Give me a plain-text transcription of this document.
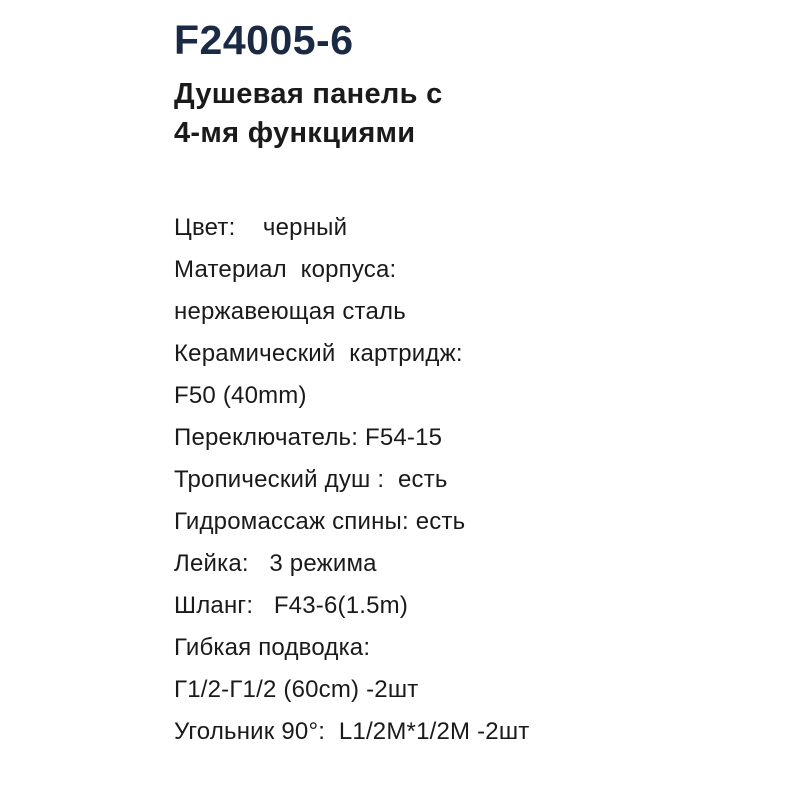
F24005-6
Душевая панель с
4-мя функциями
Цвет:    черный
Материал  корпуса:
нержавеющая сталь
Керамический  картридж:
F50 (40mm)
Переключатель: F54-15
Тропический душ :  есть
Гидромассаж спины: есть
Лейка:   3 режима
Шланг:   F43-6(1.5m)
Гибкая подводка:
Г1/2-Г1/2 (60cm) -2шт
Угольник 90°:  L1/2M*1/2M -2шт
